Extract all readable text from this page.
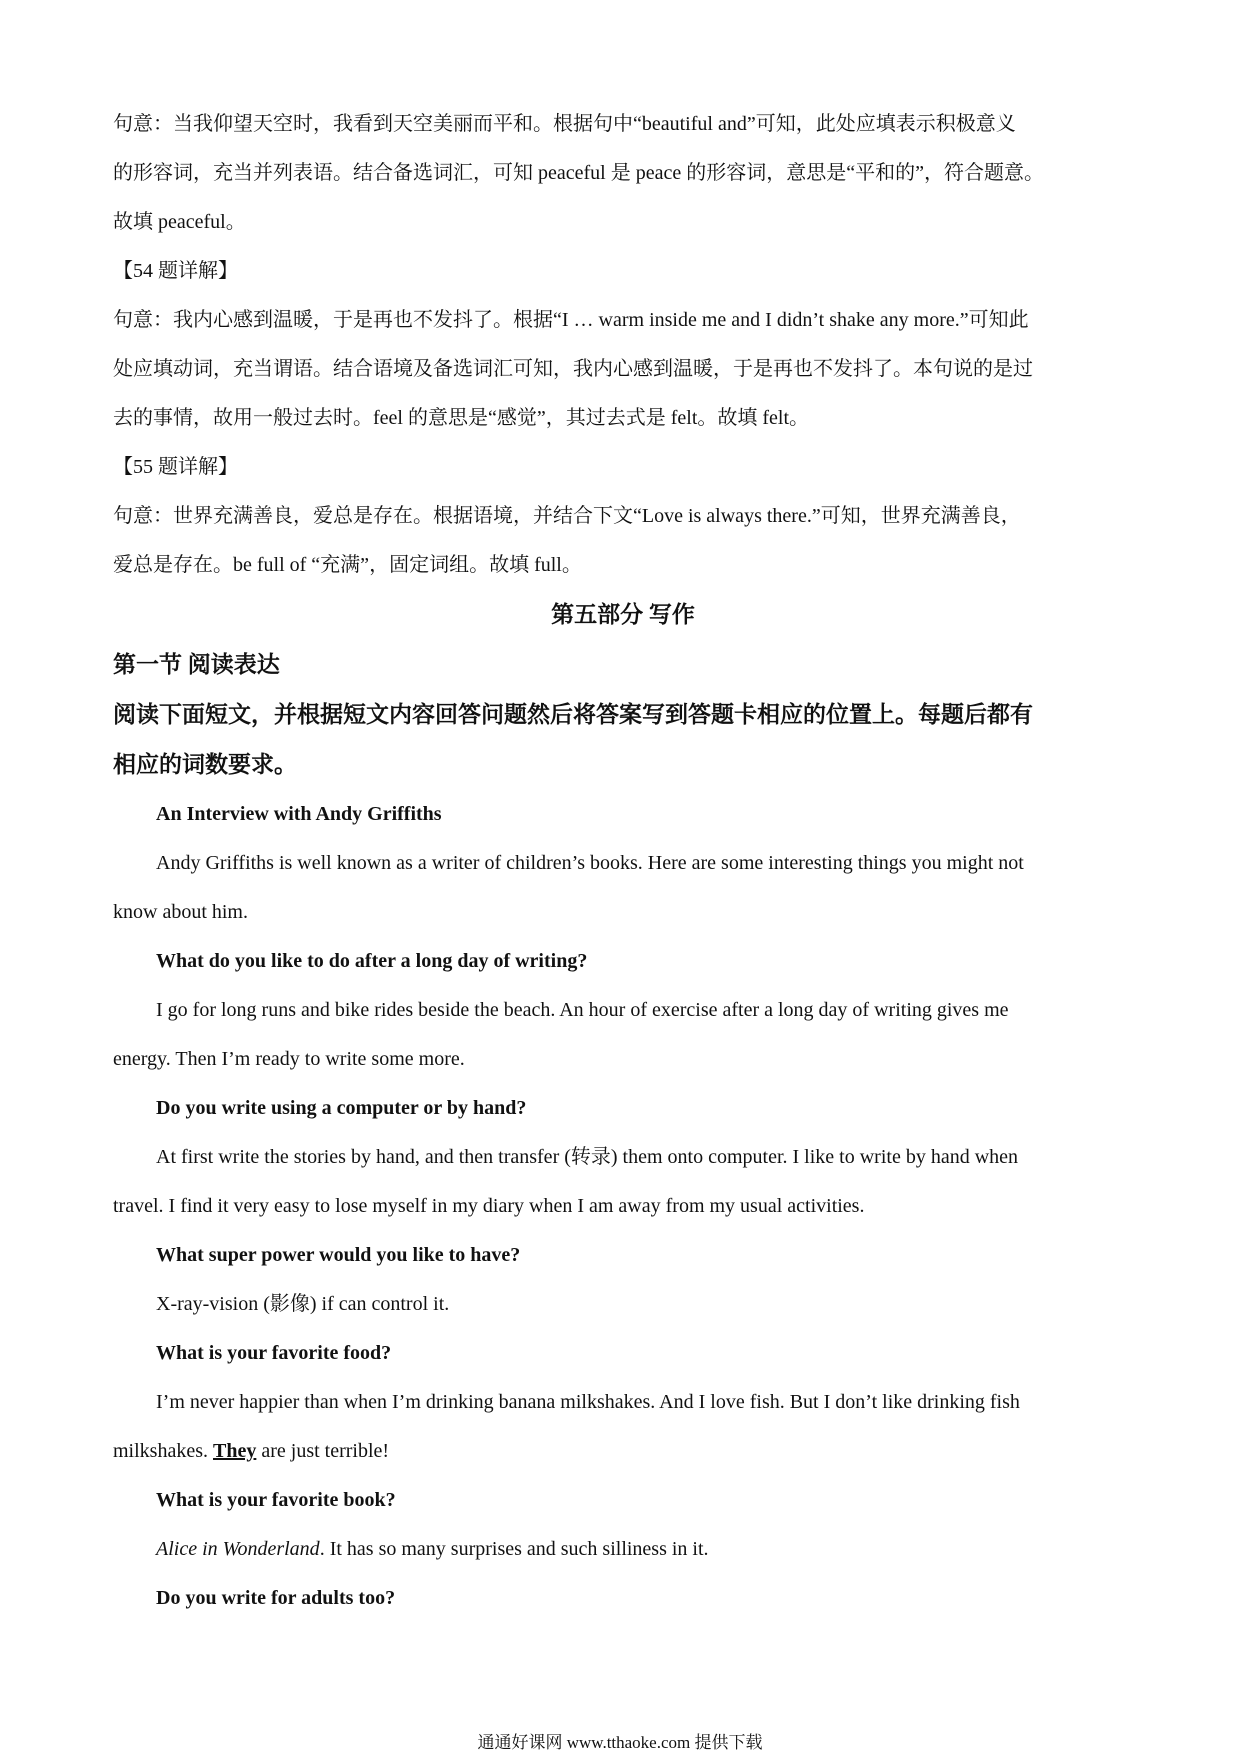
句意：当我仰望天空时，我看到天空美丽而平和。根据句中“beautiful and”可知，此处应填表示积极意义

的形容词，充当并列表语。结合备选词汇，可知 peaceful 是 peace 的形容词，意思是“平和的”，符合题意。

故填 peaceful。

【54 题详解】

句意：我内心感到温暖，于是再也不发抖了。根据“I … warm inside me and I didn’t shake any more.”可知此

处应填动词，充当谓语。结合语境及备选词汇可知，我内心感到温暖，于是再也不发抖了。本句说的是过

去的事情，故用一般过去时。feel 的意思是“感觉”，其过去式是 felt。故填 felt。

【55 题详解】

句意：世界充满善良，爱总是存在。根据语境，并结合下文“Love is always there.”可知，世界充满善良，

爱总是存在。be full of “充满”，固定词组。故填 full。

第五部分 写作

第一节 阅读表达

阅读下面短文，并根据短文内容回答问题然后将答案写到答题卡相应的位置上。每题后都有

相应的词数要求。

An Interview with Andy Griffiths

Andy Griffiths is well known as a writer of children’s books. Here are some interesting things you might not

know about him.

What do you like to do after a long day of writing?

I go for long runs and bike rides beside the beach. An hour of exercise after a long day of writing gives me

energy. Then I’m ready to write some more.

Do you write using a computer or by hand?

At first write the stories by hand, and then transfer (转录) them onto computer. I like to write by hand when

travel. I find it very easy to lose myself in my diary when I am away from my usual activities.

What super power would you like to have?

X-ray-vision (影像) if can control it.

What is your favorite food?

I’m never happier than when I’m drinking banana milkshakes. And I love fish. But I don’t like drinking fish

milkshakes. They are just terrible!

What is your favorite book?

Alice in Wonderland. It has so many surprises and such silliness in it.

Do you write for adults too?

通通好课网 www.tthaoke.com 提供下载
